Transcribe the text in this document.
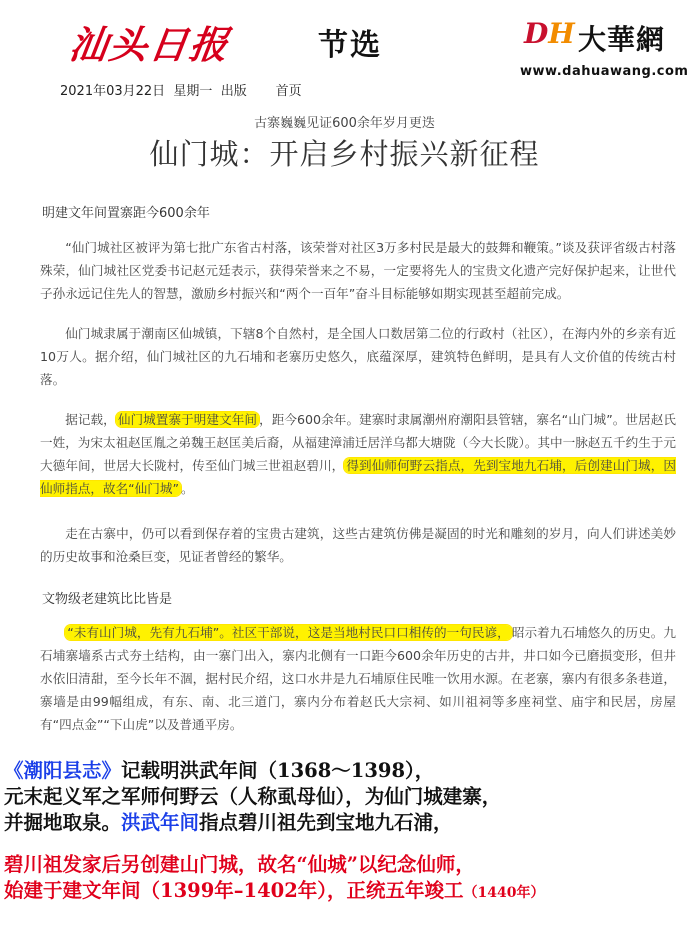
汕头日报	节选	DH 大華網
www.dahuawang.com
2021年03月22日  星期一  出版 首页
古寨巍巍见证600余年岁月更迭
仙门城：开启乡村振兴新征程
明建文年间置寨距今600余年
“仙门城社区被评为第七批广东省古村落，该荣誉对社区3万多村民是最大的鼓舞和鞭策。”谈及获评省级古村落殊荣，仙门城社区党委书记赵元廷表示，获得荣誉来之不易，一定要将先人的宝贵文化遗产完好保护起来，让世代子孙永远记住先人的智慧，激励乡村振兴和“两个一百年”奋斗目标能够如期实现甚至超前完成。
仙门城隶属于潮南区仙城镇，下辖8个自然村，是全国人口数居第二位的行政村（社区），在海内外的乡亲有近10万人。据介绍，仙门城社区的九石埔和老寨历史悠久，底蕴深厚，建筑特色鲜明，是具有人文价值的传统古村落。
据记载， 仙门城置寨于明建文年间 ，距今600余年。建寨时隶属潮州府潮阳县管辖，寨名“山门城”。世居赵氏一姓，为宋太祖赵匡胤之弟魏王赵匡美后裔，从福建漳浦迁居洋乌都大塘陇（今大长陇）。其中一脉赵五千约生于元大德年间，世居大长陇村，传至仙门城三世祖赵碧川， 得到仙师何野云指点，先到宝地九石埔，后创建山门城，因仙师指点，故名“仙门城” 。
走在古寨中，仍可以看到保存着的宝贵古建筑，这些古建筑仿佛是凝固的时光和雕刻的岁月，向人们讲述美妙的历史故事和沧桑巨变，见证者曾经的繁华。
文物级老建筑比比皆是
“未有山门城，先有九石埔”。社区干部说，这是当地村民口口相传的一句民谚， 昭示着九石埔悠久的历史。九石埔寨墙系古式夯土结构，由一寨门出入，寨内北侧有一口距今600余年历史的古井，井口如今已磨损变形，但井水依旧清甜，至今长年不涸，据村民介绍，这口水井是九石埔原住民唯一饮用水源。在老寨，寨内有很多条巷道，寨墙是由99幅组成，有东、南、北三道门，寨内分布着赵氏大宗祠、如川祖祠等多座祠堂、庙宇和民居，房屋有“四点金”“下山虎”以及普通平房。
《潮阳县志》记载明洪武年间（1368～1398），
元末起义军之军师何野云（人称虱母仙），为仙门城建寨，
并掘地取泉。洪武年间指点碧川祖先到宝地九石浦，
碧川祖发家后另创建山门城，故名“仙城”以纪念仙师，
始建于建文年间（1399年–1402年），正统五年竣工（1440年）
